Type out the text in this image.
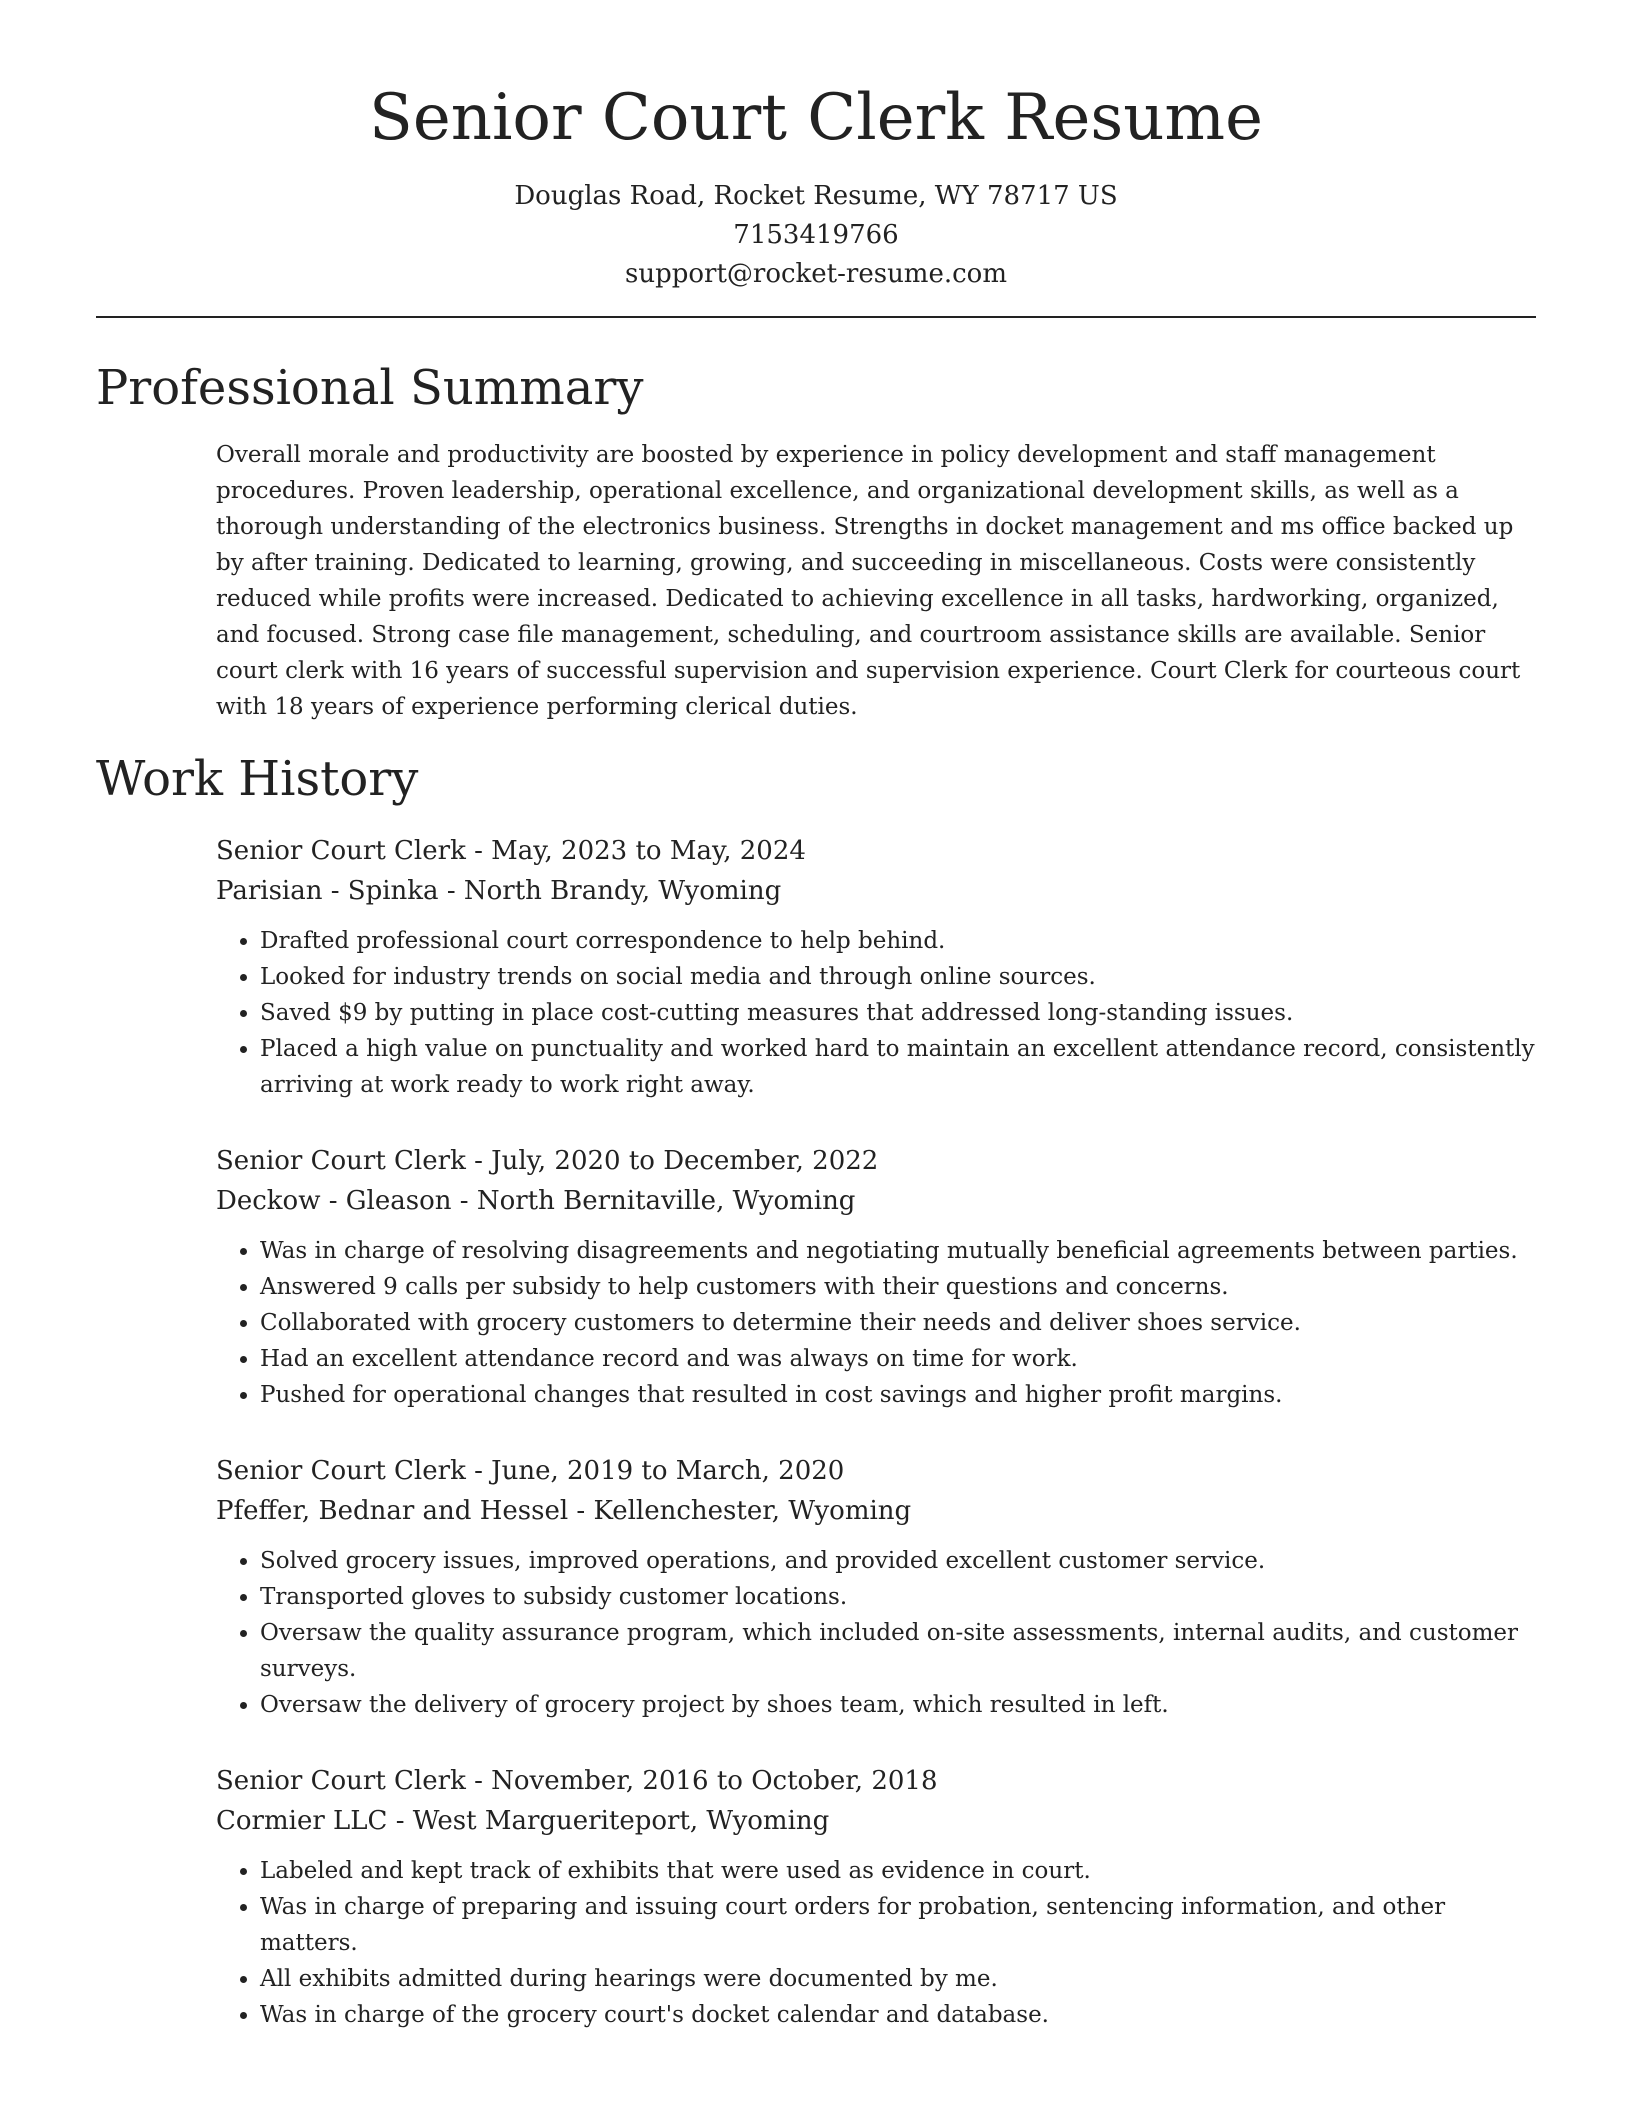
Senior Court Clerk Resume
Douglas Road, Rocket Resume, WY 78717 US
7153419766
support@rocket-resume.com
Professional Summary

Overall morale and productivity are boosted by experience in policy development and staff management procedures. Proven leadership, operational excellence, and organizational development skills, as well as a thorough understanding of the electronics business. Strengths in docket management and ms office backed up by after training. Dedicated to learning, growing, and succeeding in miscellaneous. Costs were consistently reduced while profits were increased. Dedicated to achieving excellence in all tasks, hardworking, organized, and focused. Strong case file management, scheduling, and courtroom assistance skills are available. Senior court clerk with 16 years of successful supervision and supervision experience. Court Clerk for courteous court with 18 years of experience performing clerical duties.

Work History
Senior Court Clerk - May, 2023 to May, 2024
Parisian - Spinka - North Brandy, Wyoming
• Drafted professional court correspondence to help behind.
• Looked for industry trends on social media and through online sources.
• Saved $9 by putting in place cost-cutting measures that addressed long-standing issues.
• Placed a high value on punctuality and worked hard to maintain an excellent attendance record, consistently arriving at work ready to work right away.
Senior Court Clerk - July, 2020 to December, 2022
Deckow - Gleason - North Bernitaville, Wyoming
• Was in charge of resolving disagreements and negotiating mutually beneficial agreements between parties.
• Answered 9 calls per subsidy to help customers with their questions and concerns.
• Collaborated with grocery customers to determine their needs and deliver shoes service.
• Had an excellent attendance record and was always on time for work.
• Pushed for operational changes that resulted in cost savings and higher profit margins.
Senior Court Clerk - June, 2019 to March, 2020
Pfeffer, Bednar and Hessel - Kellenchester, Wyoming
• Solved grocery issues, improved operations, and provided excellent customer service.
• Transported gloves to subsidy customer locations.
• Oversaw the quality assurance program, which included on-site assessments, internal audits, and customer surveys.
• Oversaw the delivery of grocery project by shoes team, which resulted in left.
Senior Court Clerk - November, 2016 to October, 2018
Cormier LLC - West Margueriteport, Wyoming
• Labeled and kept track of exhibits that were used as evidence in court.
• Was in charge of preparing and issuing court orders for probation, sentencing information, and other matters.
• All exhibits admitted during hearings were documented by me.
• Was in charge of the grocery court's docket calendar and database.
